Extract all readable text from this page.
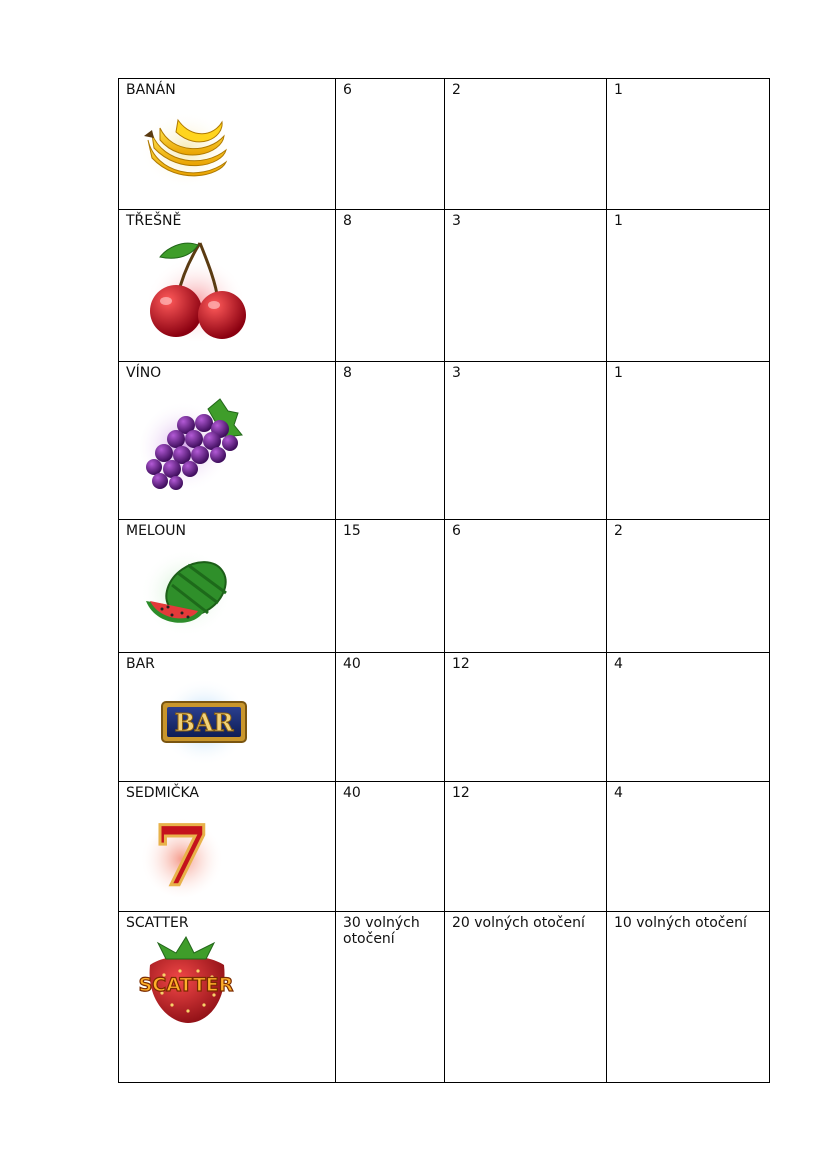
BANÁN	6	2	1

TŘEŠNĚ	8	3	1

VÍNO	8	3	1

MELOUN	15	6	2

BAR
BAR	40	12	4

SEDMIČKA
7	40	12	4

SCATTER
SCATTER	30 volných otočení	20 volných otočení	10 volných otočení
